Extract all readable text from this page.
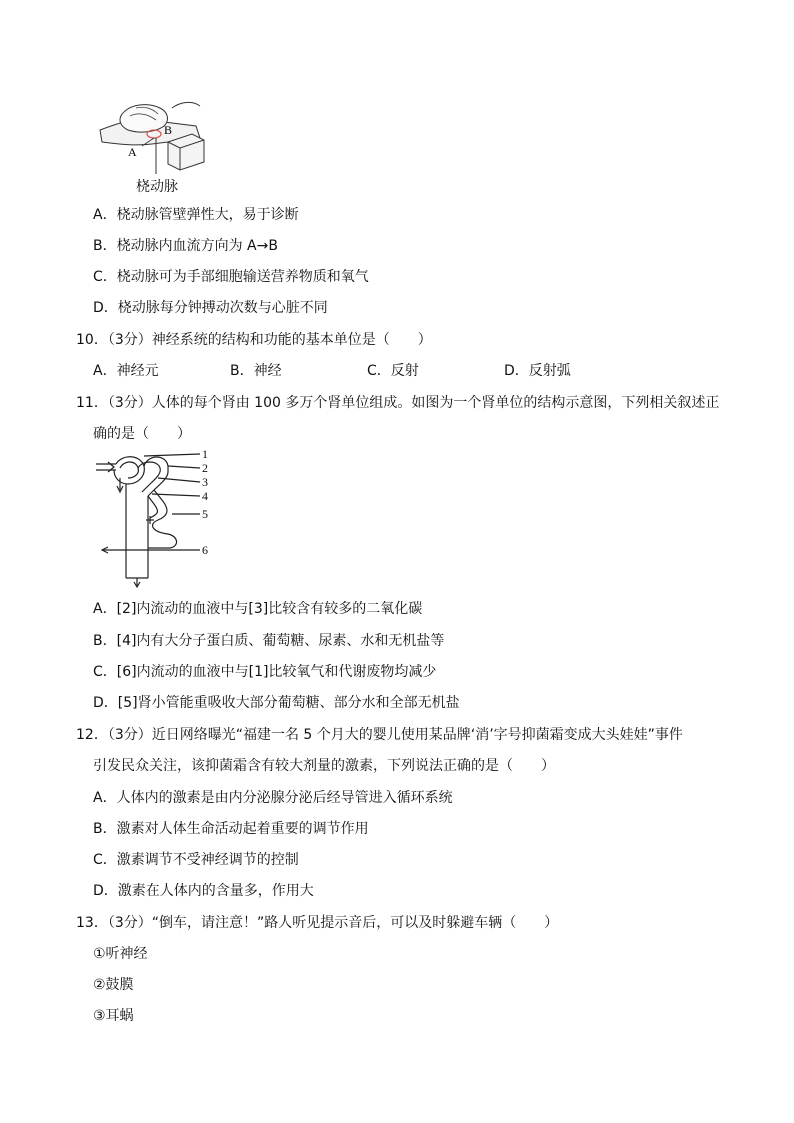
B
A
桡动脉
A．桡动脉管壁弹性大，易于诊断
B．桡动脉内血流方向为 A→B
C．桡动脉可为手部细胞输送营养物质和氧气
D．桡动脉每分钟搏动次数与心脏不同
10．（3分）神经系统的结构和功能的基本单位是（　　）
A．神经元	B．神经	C．反射	D．反射弧
11．（3分）人体的每个肾由 100 多万个肾单位组成。如图为一个肾单位的结构示意图，下列相关叙述正
确的是（　　）
1
2
3
4
5
6
A．[2]内流动的血液中与[3]比较含有较多的二氧化碳
B．[4]内有大分子蛋白质、葡萄糖、尿素、水和无机盐等
C．[6]内流动的血液中与[1]比较氧气和代谢废物均减少
D．[5]肾小管能重吸收大部分葡萄糖、部分水和全部无机盐
12．（3分）近日网络曝光“福建一名 5 个月大的婴儿使用某品牌‘消’字号抑菌霜变成大头娃娃”事件
引发民众关注，该抑菌霜含有较大剂量的激素，下列说法正确的是（　　）
A．人体内的激素是由内分泌腺分泌后经导管进入循环系统
B．激素对人体生命活动起着重要的调节作用
C．激素调节不受神经调节的控制
D．激素在人体内的含量多，作用大
13．（3分）“倒车，请注意！”路人听见提示音后，可以及时躲避车辆（　　）
①听神经
②鼓膜
③耳蜗
